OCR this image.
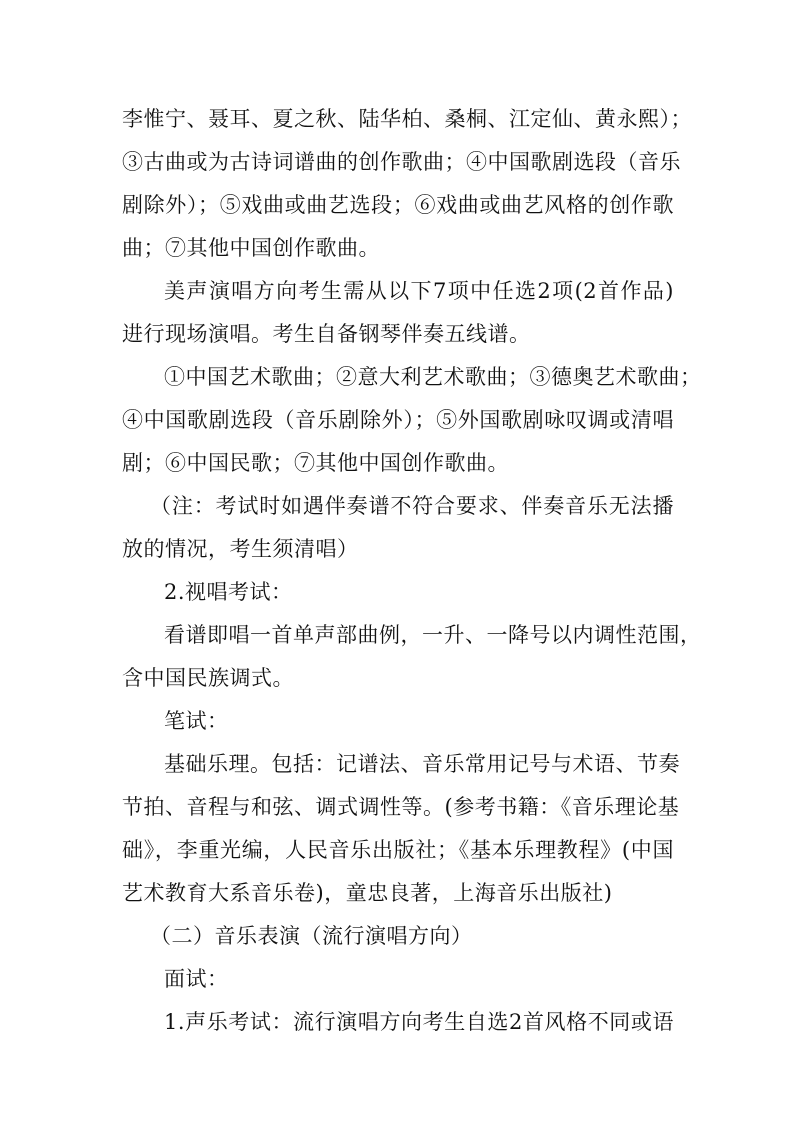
李惟宁、聂耳、夏之秋、陆华柏、桑桐、江定仙、黄永熙）；
③古曲或为古诗词谱曲的创作歌曲；④中国歌剧选段（音乐
剧除外）；⑤戏曲或曲艺选段；⑥戏曲或曲艺风格的创作歌
曲；⑦其他中国创作歌曲。
美声演唱方向考生需从以下7项中任选2项(2首作品)
进行现场演唱。考生自备钢琴伴奏五线谱。
①中国艺术歌曲；②意大利艺术歌曲；③德奥艺术歌曲；
④中国歌剧选段（音乐剧除外）；⑤外国歌剧咏叹调或清唱
剧；⑥中国民歌；⑦其他中国创作歌曲。
（注：考试时如遇伴奏谱不符合要求、伴奏音乐无法播
放的情况，考生须清唱）
2.视唱考试：
看谱即唱一首单声部曲例，一升、一降号以内调性范围，
含中国民族调式。
笔试：
基础乐理。包括：记谱法、音乐常用记号与术语、节奏
节拍、音程与和弦、调式调性等。(参考书籍：《音乐理论基
础》，李重光编，人民音乐出版社；《基本乐理教程》(中国
艺术教育大系音乐卷)，童忠良著，上海音乐出版社)
（二）音乐表演（流行演唱方向）
面试：
1.声乐考试：流行演唱方向考生自选2首风格不同或语
